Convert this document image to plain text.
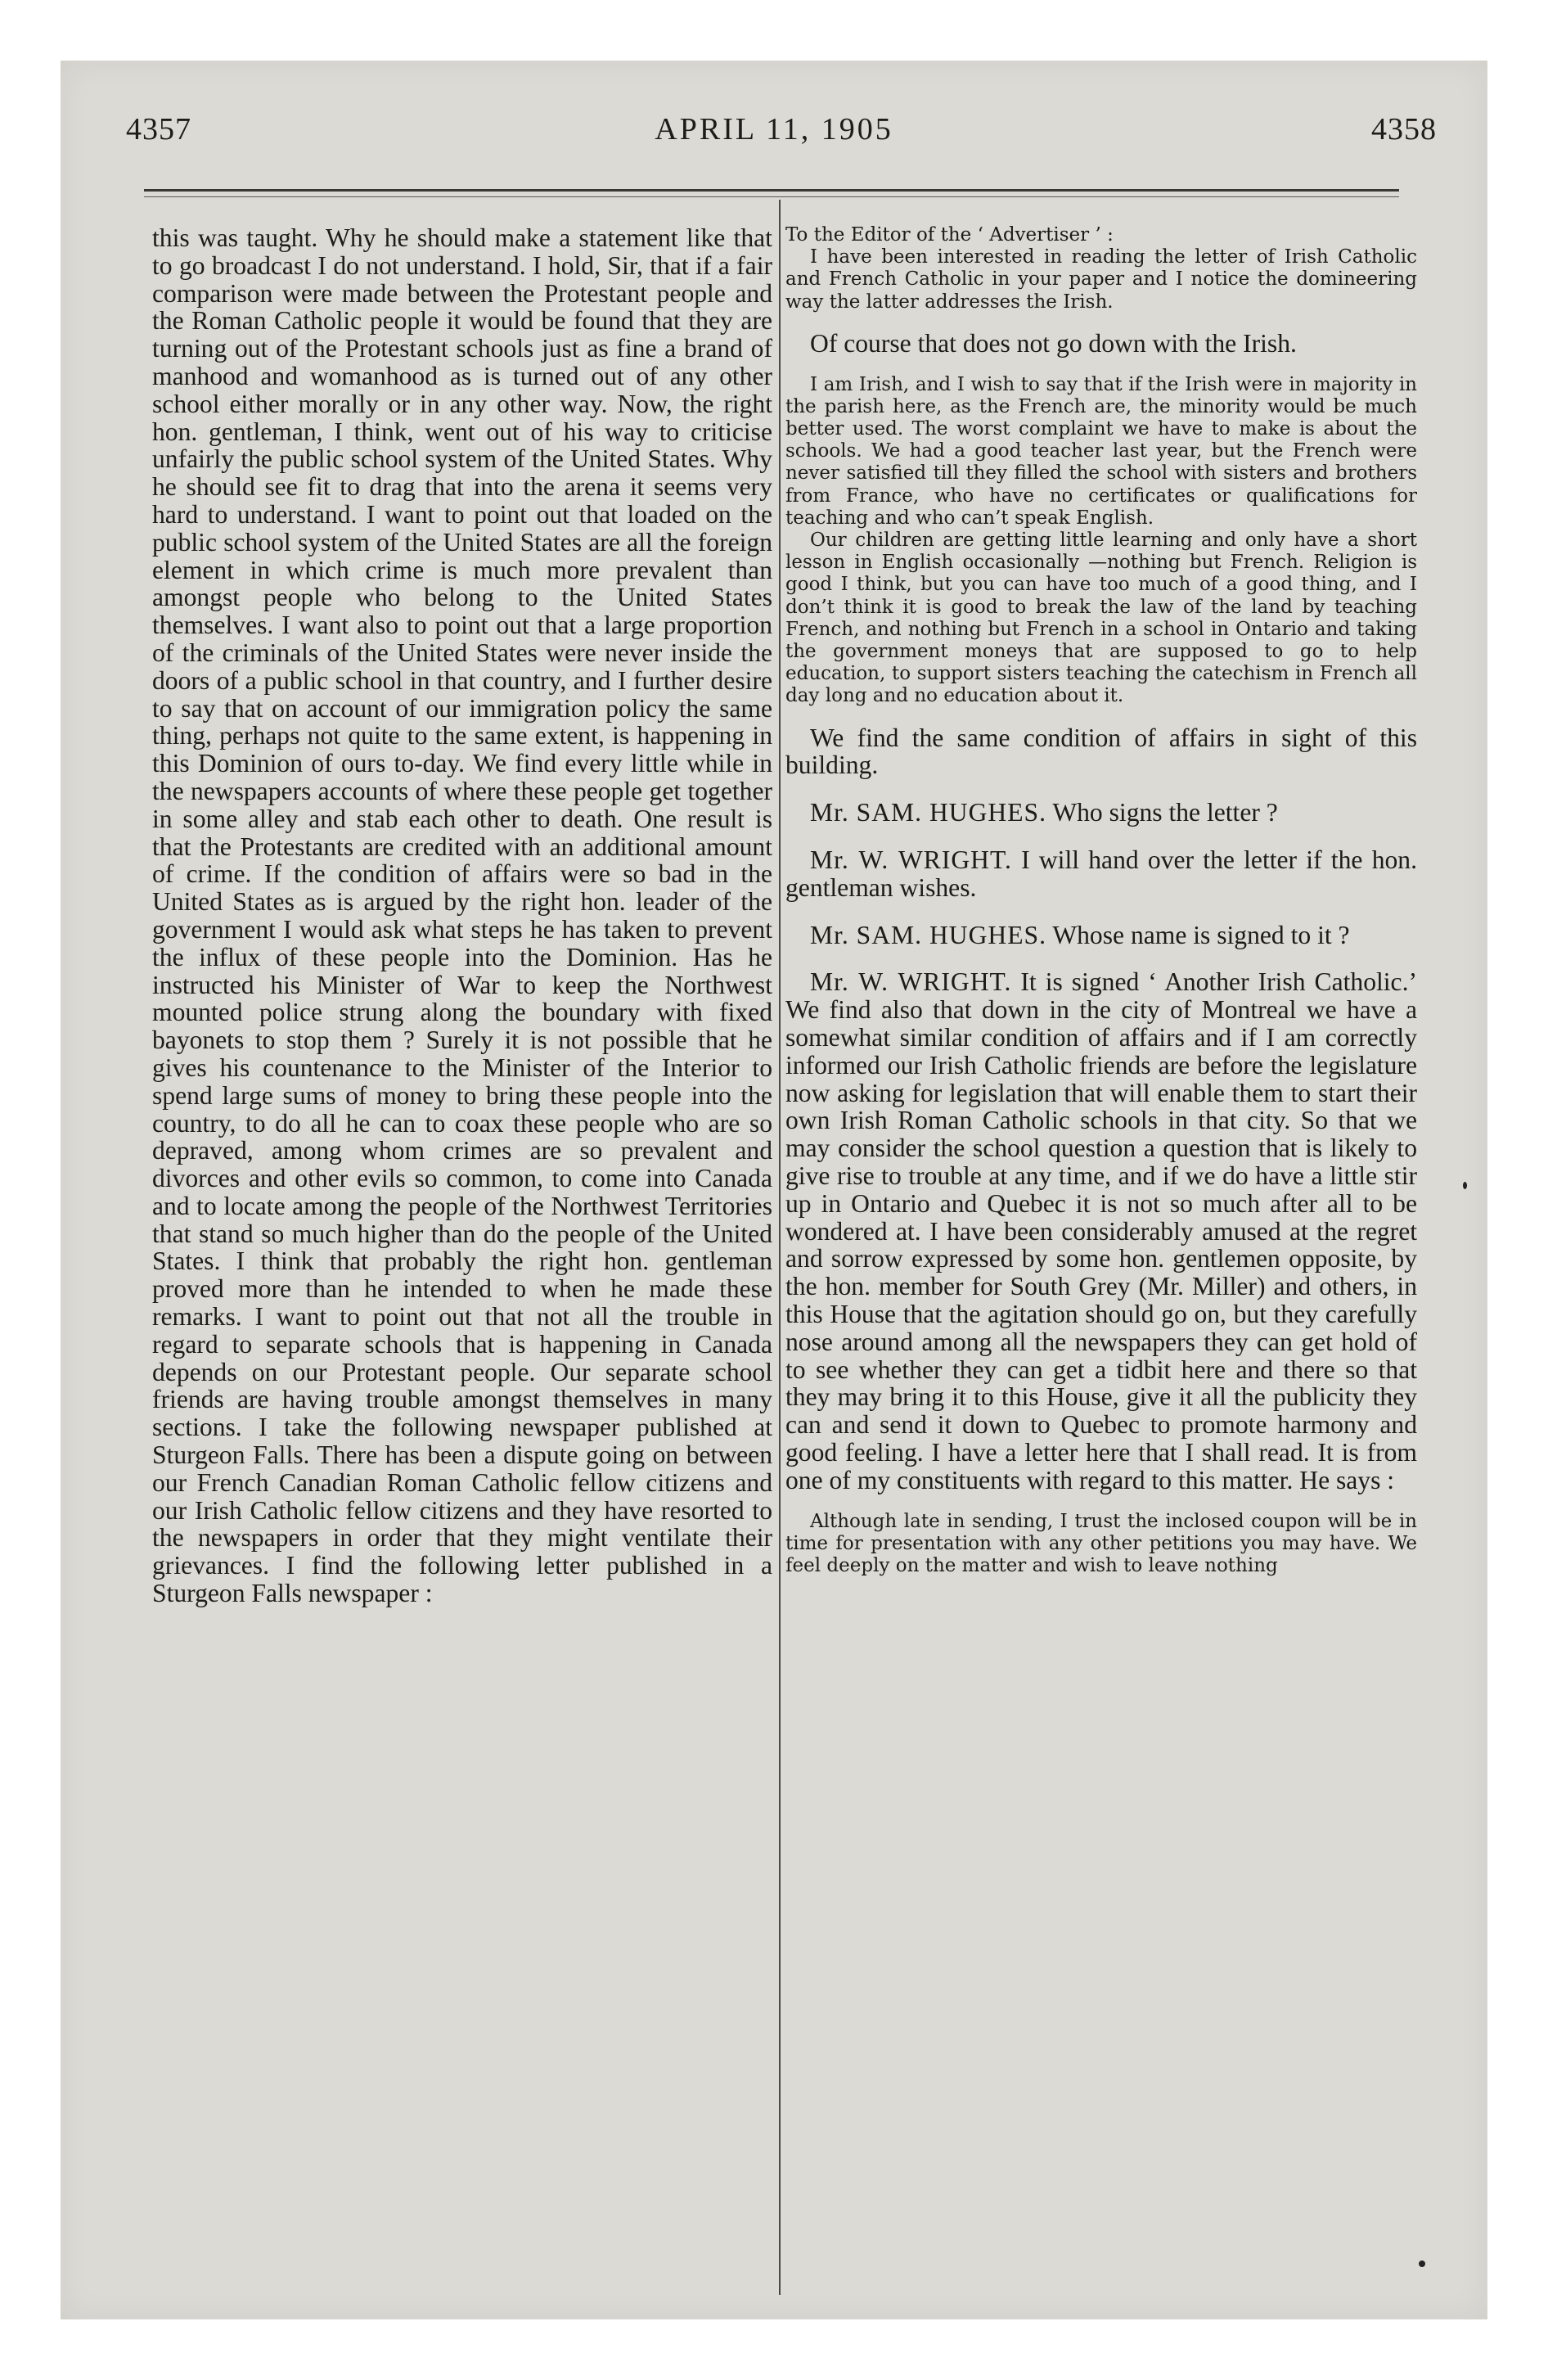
4357	APRIL 11, 1905	4358

this was taught. Why he should make a statement like that to go broadcast I do not understand. I hold, Sir, that if a fair comparison were made between the Protestant people and the Roman Catholic people it would be found that they are turning out of the Protestant schools just as fine a brand of manhood and womanhood as is turned out of any other school either morally or in any other way. Now, the right hon. gentleman, I think, went out of his way to criticise unfairly the public school system of the United States. Why he should see fit to drag that into the arena it seems very hard to understand. I want to point out that loaded on the public school system of the United States are all the foreign element in which crime is much more prevalent than amongst people who belong to the United States themselves. I want also to point out that a large proportion of the criminals of the United States were never inside the doors of a public school in that country, and I further desire to say that on account of our immigration policy the same thing, perhaps not quite to the same extent, is happening in this Dominion of ours to-day. We find every little while in the newspapers accounts of where these people get together in some alley and stab each other to death. One result is that the Protestants are credited with an additional amount of crime. If the condition of affairs were so bad in the United States as is argued by the right hon. leader of the government I would ask what steps he has taken to prevent the influx of these people into the Dominion. Has he instructed his Minister of War to keep the Northwest mounted police strung along the boundary with fixed bayonets to stop them ? Surely it is not possible that he gives his countenance to the Minister of the Interior to spend large sums of money to bring these people into the country, to do all he can to coax these people who are so depraved, among whom crimes are so prevalent and divorces and other evils so common, to come into Canada and to locate among the people of the Northwest Territories that stand so much higher than do the people of the United States. I think that probably the right hon. gentleman proved more than he intended to when he made these remarks. I want to point out that not all the trouble in regard to separate schools that is happening in Canada depends on our Protestant people. Our separate school friends are having trouble amongst themselves in many sections. I take the following newspaper published at Sturgeon Falls. There has been a dispute going on between our French Canadian Roman Catholic fellow citizens and our Irish Catholic fellow citizens and they have resorted to the newspapers in order that they might ventilate their grievances. I find the following letter published in a Sturgeon Falls newspaper :

To the Editor of the ‘ Advertiser ’ :

I have been interested in reading the letter of Irish Catholic and French Catholic in your paper and I notice the domineering way the latter addresses the Irish.

Of course that does not go down with the Irish.

I am Irish, and I wish to say that if the Irish were in majority in the parish here, as the French are, the minority would be much better used. The worst complaint we have to make is about the schools. We had a good teacher last year, but the French were never satisfied till they filled the school with sisters and brothers from France, who have no certificates or qualifications for teaching and who can’t speak English.

Our children are getting little learning and only have a short lesson in English occasionally —nothing but French. Religion is good I think, but you can have too much of a good thing, and I don’t think it is good to break the law of the land by teaching French, and nothing but French in a school in Ontario and taking the government moneys that are supposed to go to help education, to support sisters teaching the catechism in French all day long and no education about it.

We find the same condition of affairs in sight of this building.

Mr. SAM. HUGHES. Who signs the letter ?

Mr. W. WRIGHT. I will hand over the letter if the hon. gentleman wishes.

Mr. SAM. HUGHES. Whose name is signed to it ?

Mr. W. WRIGHT. It is signed ‘ Another Irish Catholic.’ We find also that down in the city of Montreal we have a somewhat similar condition of affairs and if I am correctly informed our Irish Catholic friends are before the legislature now asking for legislation that will enable them to start their own Irish Roman Catholic schools in that city. So that we may consider the school question a question that is likely to give rise to trouble at any time, and if we do have a little stir up in Ontario and Quebec it is not so much after all to be wondered at. I have been considerably amused at the regret and sorrow expressed by some hon. gentlemen opposite, by the hon. member for South Grey (Mr. Miller) and others, in this House that the agitation should go on, but they carefully nose around among all the newspapers they can get hold of to see whether they can get a tidbit here and there so that they may bring it to this House, give it all the publicity they can and send it down to Quebec to promote harmony and good feeling. I have a letter here that I shall read. It is from one of my constituents with regard to this matter. He says :

Although late in sending, I trust the inclosed coupon will be in time for presentation with any other petitions you may have. We feel deeply on the matter and wish to leave nothing
